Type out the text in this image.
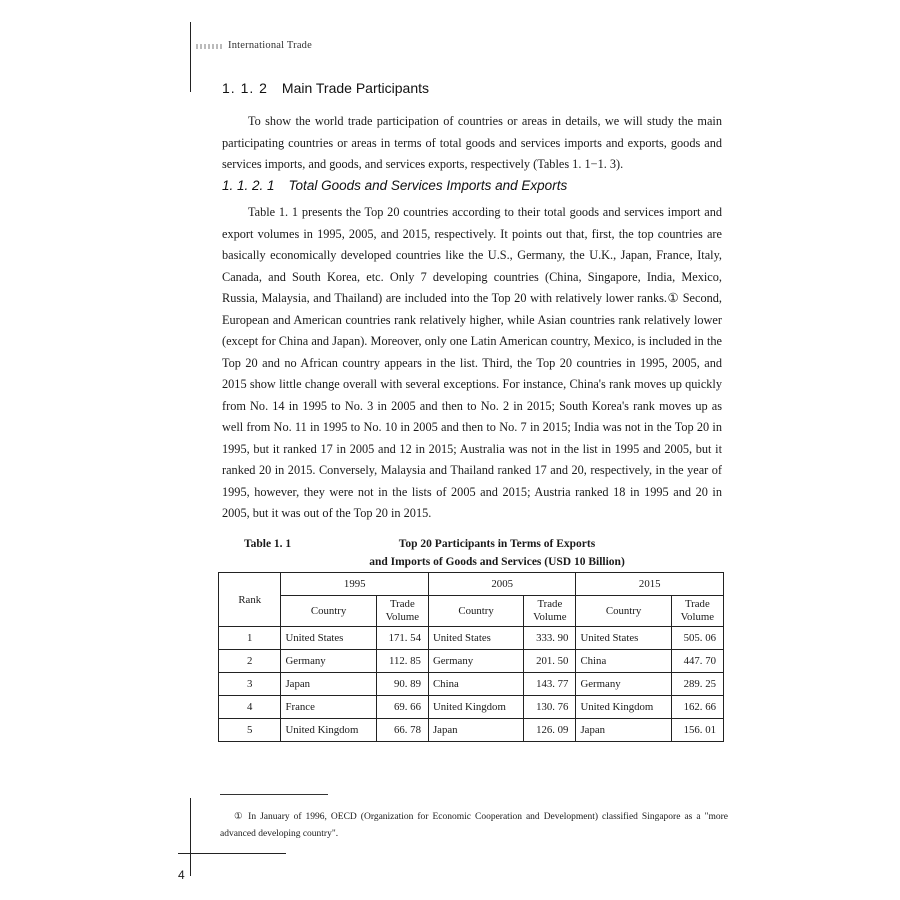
International Trade
1. 1. 2 Main Trade Participants

To show the world trade participation of countries or areas in details, we will study the main participating countries or areas in terms of total goods and services imports and exports, goods and services imports, and goods, and services exports, respectively (Tables 1. 1−1. 3).

1. 1. 2. 1 Total Goods and Services Imports and Exports

Table 1. 1 presents the Top 20 countries according to their total goods and services import and export volumes in 1995, 2005, and 2015, respectively. It points out that, first, the top countries are basically economically developed countries like the U.S., Germany, the U.K., Japan, France, Italy, Canada, and South Korea, etc. Only 7 developing countries (China, Singapore, India, Mexico, Russia, Malaysia, and Thailand) are included into the Top 20 with relatively lower ranks.① Second, European and American countries rank relatively higher, while Asian countries rank relatively lower (except for China and Japan). Moreover, only one Latin American country, Mexico, is included in the Top 20 and no African country appears in the list. Third, the Top 20 countries in 1995, 2005, and 2015 show little change overall with several exceptions. For instance, China's rank moves up quickly from No. 14 in 1995 to No. 3 in 2005 and then to No. 2 in 2015; South Korea's rank moves up as well from No. 11 in 1995 to No. 10 in 2005 and then to No. 7 in 2015; India was not in the Top 20 in 1995, but it ranked 17 in 2005 and 12 in 2015; Australia was not in the list in 1995 and 2005, but it ranked 20 in 2015. Conversely, Malaysia and Thailand ranked 17 and 20, respectively, in the year of 1995, however, they were not in the lists of 2005 and 2015; Austria ranked 18 in 1995 and 20 in 2005, but it was out of the Top 20 in 2015.

Table 1. 1	Top 20 Participants in Terms of Exports
and Imports of Goods and Services (USD 10 Billion)
Rank	1995		2005		2015	
	Country	Trade Volume	Country	Trade Volume	Country	Trade Volume
1	United States	171. 54	United States	333. 90	United States	505. 06
2	Germany	112. 85	Germany	201. 50	China	447. 70
3	Japan	90. 89	China	143. 77	Germany	289. 25
4	France	69. 66	United Kingdom	130. 76	United Kingdom	162. 66
5	United Kingdom	66. 78	Japan	126. 09	Japan	156. 01

① In January of 1996, OECD (Organization for Economic Cooperation and Development) classified Singapore as a "more advanced developing country".

4
